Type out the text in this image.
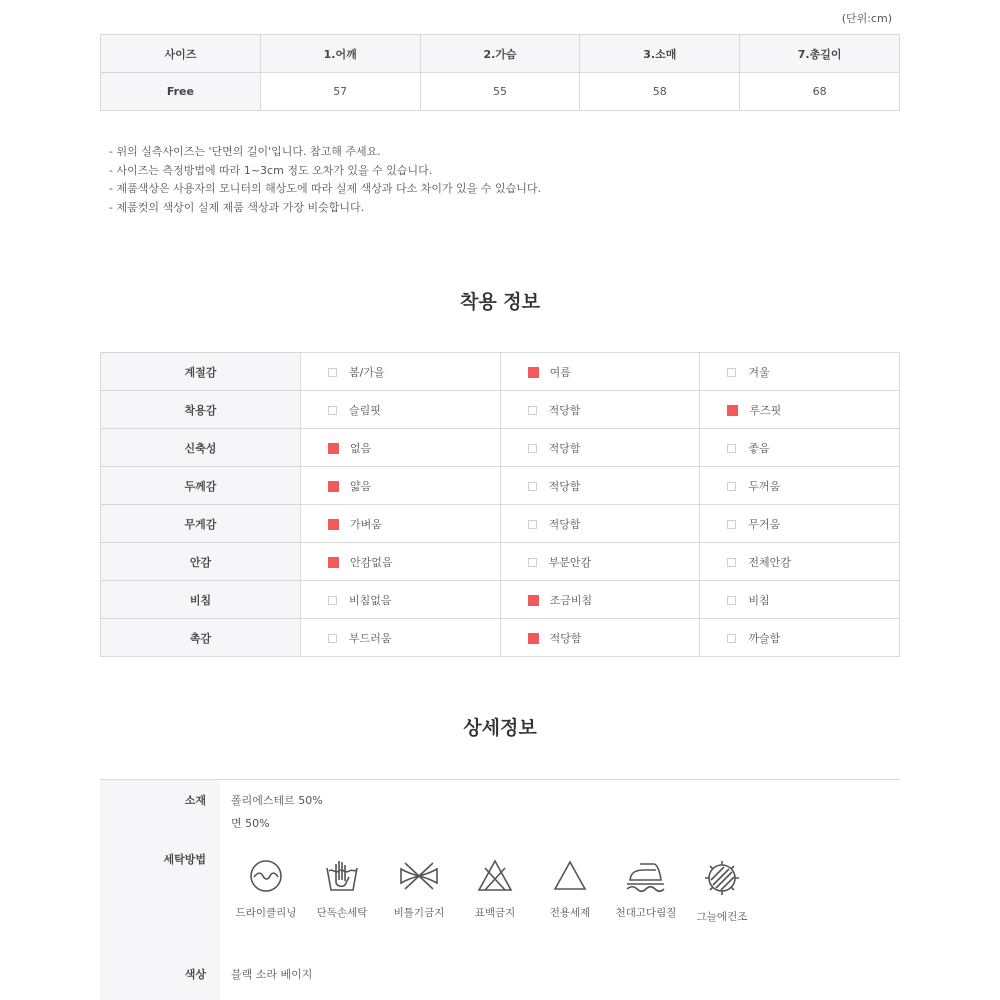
(단위:cm)
사이즈	1.어깨	2.가슴	3.소매	7.총길이
Free	57	55	58	68
- 위의 실측사이즈는 '단면의 길이'입니다. 참고해 주세요.
- 사이즈는 측정방법에 따라 1~3cm 정도 오차가 있을 수 있습니다.
- 제품색상은 사용자의 모니터의 해상도에 따라 실제 색상과 다소 차이가 있을 수 있습니다.
- 제품컷의 색상이 실제 제품 색상과 가장 비슷합니다.
착용 정보
계절감	봄/가을	여름	겨울
착용감	슬림핏	적당함	루즈핏
신축성	없음	적당함	좋음
두께감	얇음	적당함	두꺼움
무게감	가벼움	적당함	무거움
안감	안감없음	부분안감	전체안감
비침	비침없음	조금비침	비침
촉감	부드러움	적당함	까슬함
상세정보
소재 폴리에스테르 50%
면 50%
세탁방법
드라이클리닝	단독손세탁	비틀기금지	표백금지	전용세제	천대고다림질	그늘에건조
색상 블랙 소라 베이지
